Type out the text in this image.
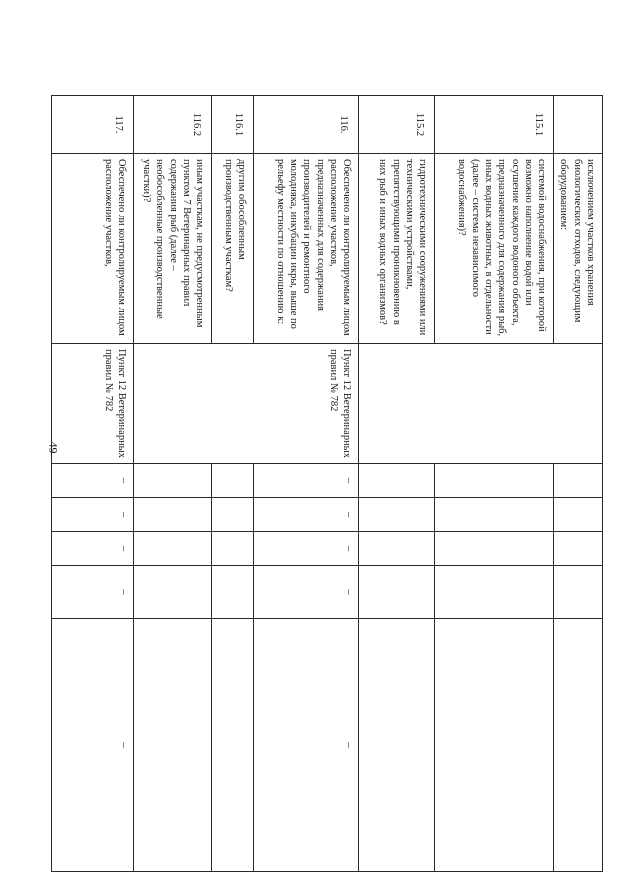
49
	исключением участков хранения биологических отходов, следующим оборудованием:						
115.1	системой водоснабжения, при которой возможно наполнение водой или осушение каждого водоного объекта, предназначенного для содержания рыб, иных водных животных, в отдельности (далее – система независимого водоснабжения)?						
115.2	гидротехническими сооружениями или техническими устройствами, препятствующими проникновению в них рыб и иных водных организмов?						
116.	Обеспечено ли контролируемым лицом расположение участков, предназначенных для содержания производителей и ремонтного молодняка, инкубации икры, выше по рельефу местности по отношению к:	Пункт 12 Ветеринарных правил № 782	–	–	–	–	–
116.1	другим обособленным производственным участкам?						
116.2	иным участкам, не предусмотренным пунктом 7 Ветеринарных правил содержания рыб (далее – необособленные производственные участки)?						
117.	Обеспечено ли контролируемым лицом расположение участков,	Пункт 12 Ветеринарных правил № 782	–	–	–	–	–
